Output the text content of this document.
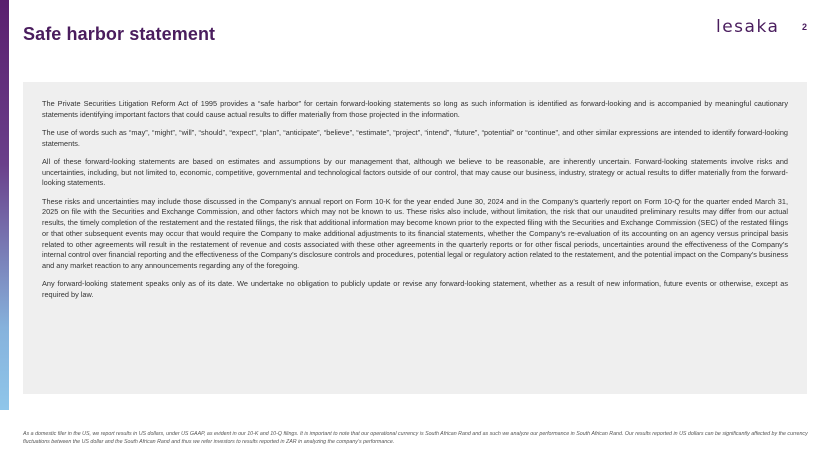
Safe harbor statement	lesaka	2

The Private Securities Litigation Reform Act of 1995 provides a “safe harbor” for certain forward-looking statements so long as such information is identified as forward-looking and is accompanied by meaningful cautionary statements identifying important factors that could cause actual results to differ materially from those projected in the information.

The use of words such as “may”, “might”, “will”, “should”, “expect”, “plan”, “anticipate”, “believe”, “estimate”, “project”, “intend”, “future”, “potential” or “continue”, and other similar expressions are intended to identify forward-looking statements.

All of these forward-looking statements are based on estimates and assumptions by our management that, although we believe to be reasonable, are inherently uncertain. Forward-looking statements involve risks and uncertainties, including, but not limited to, economic, competitive, governmental and technological factors outside of our control, that may cause our business, industry, strategy or actual results to differ materially from the forward-looking statements.

These risks and uncertainties may include those discussed in the Company’s annual report on Form 10-K for the year ended June 30, 2024 and in the Company’s quarterly report on Form 10-Q for the quarter ended March 31, 2025 on file with the Securities and Exchange Commission, and other factors which may not be known to us. These risks also include, without limitation, the risk that our unaudited preliminary results may differ from our actual results, the timely completion of the restatement and the restated filings, the risk that additional information may become known prior to the expected filing with the Securities and Exchange Commission (SEC) of the restated filings or that other subsequent events may occur that would require the Company to make additional adjustments to its financial statements, whether the Company’s re-evaluation of its accounting on an agency versus principal basis related to other agreements will result in the restatement of revenue and costs associated with these other agreements in the quarterly reports or for other fiscal periods, uncertainties around the effectiveness of the Company’s internal control over financial reporting and the effectiveness of the Company’s disclosure controls and procedures, potential legal or regulatory action related to the restatement, and the potential impact on the Company’s business and any market reaction to any announcements regarding any of the foregoing.

Any forward-looking statement speaks only as of its date. We undertake no obligation to publicly update or revise any forward-looking statement, whether as a result of new information, future events or otherwise, except as required by law.

As a domestic filer in the US, we report results in US dollars, under US GAAP, as evident in our 10-K and 10-Q filings. It is important to note that our operational currency is South African Rand and as such we analyze our performance in South African Rand. Our results reported in US dollars can be significantly affected by the currency fluctuations between the US dollar and the South African Rand and thus we refer investors to results reported in ZAR in analyzing the company’s performance.
